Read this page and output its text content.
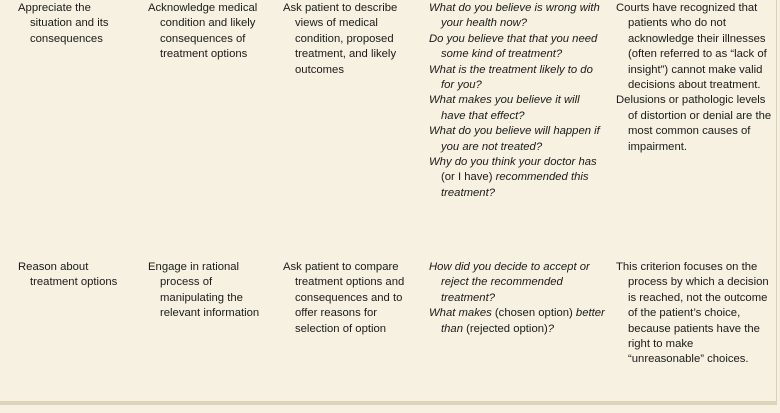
Appreciate the situation and its consequences

Acknowledge medical condition and likely consequences of treatment options

Ask patient to describe views of medical condition, proposed treatment, and likely outcomes

What do you believe is wrong with your health now?

Do you believe that that you need some kind of treatment?

What is the treatment likely to do for you?

What makes you believe it will have that effect?

What do you believe will happen if you are not treated?

Why do you think your doctor has (or I have) recommended this treatment?

Courts have recognized that patients who do not acknowledge their illnesses (often referred to as “lack of insight”) cannot make valid decisions about treatment.

Delusions or pathologic levels of distortion or denial are the most common causes of impairment.

Reason about treatment options

Engage in rational process of manipulating the relevant information

Ask patient to compare treatment options and consequences and to offer reasons for selection of option

How did you decide to accept or reject the recommended treatment?

What makes (chosen option) better than (rejected option)?

This criterion focuses on the process by which a decision is reached, not the outcome of the patient’s choice, because patients have the right to make “unreasonable” choices.
